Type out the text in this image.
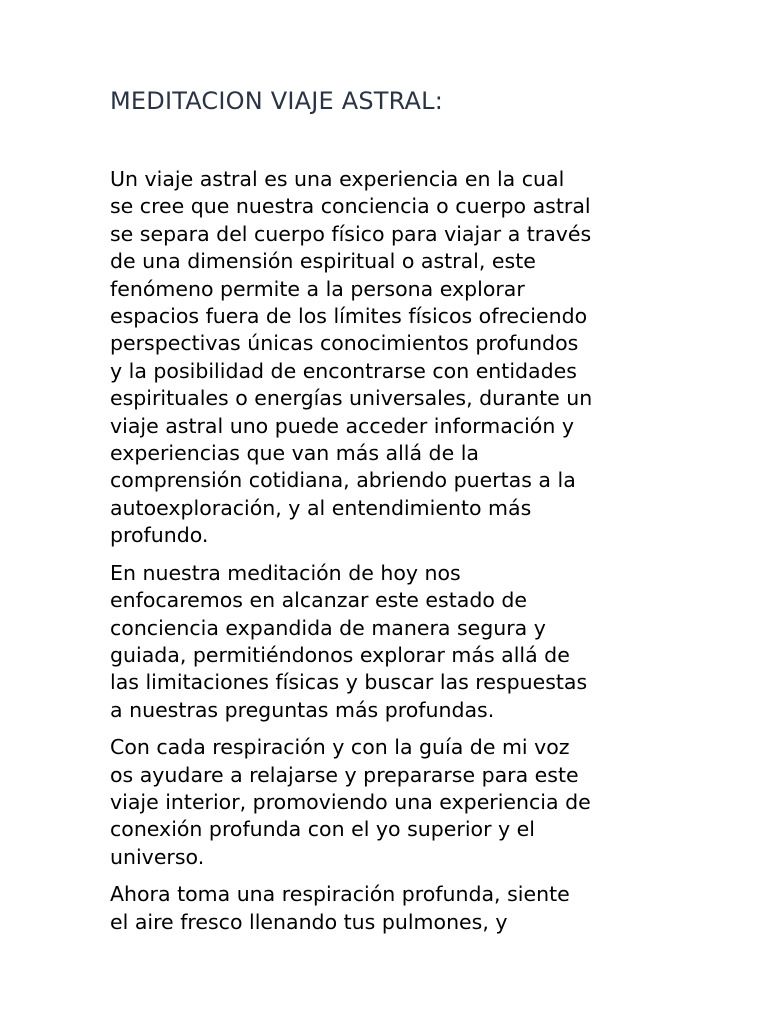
MEDITACION VIAJE ASTRAL:

Un viaje astral es una experiencia en la cual
se cree que nuestra conciencia o cuerpo astral
se separa del cuerpo físico para viajar a través
de una dimensión espiritual o astral, este
fenómeno permite a la persona explorar
espacios fuera de los límites físicos ofreciendo
perspectivas únicas conocimientos profundos
y la posibilidad de encontrarse con entidades
espirituales o energías universales, durante un
viaje astral uno puede acceder información y
experiencias que van más allá de la
comprensión cotidiana, abriendo puertas a la
autoexploración, y al entendimiento más
profundo.

En nuestra meditación de hoy nos
enfocaremos en alcanzar este estado de
conciencia expandida de manera segura y
guiada, permitiéndonos explorar más allá de
las limitaciones físicas y buscar las respuestas
a nuestras preguntas más profundas.

Con cada respiración y con la guía de mi voz
os ayudare a relajarse y prepararse para este
viaje interior, promoviendo una experiencia de
conexión profunda con el yo superior y el
universo.

Ahora toma una respiración profunda, siente
el aire fresco llenando tus pulmones, y
